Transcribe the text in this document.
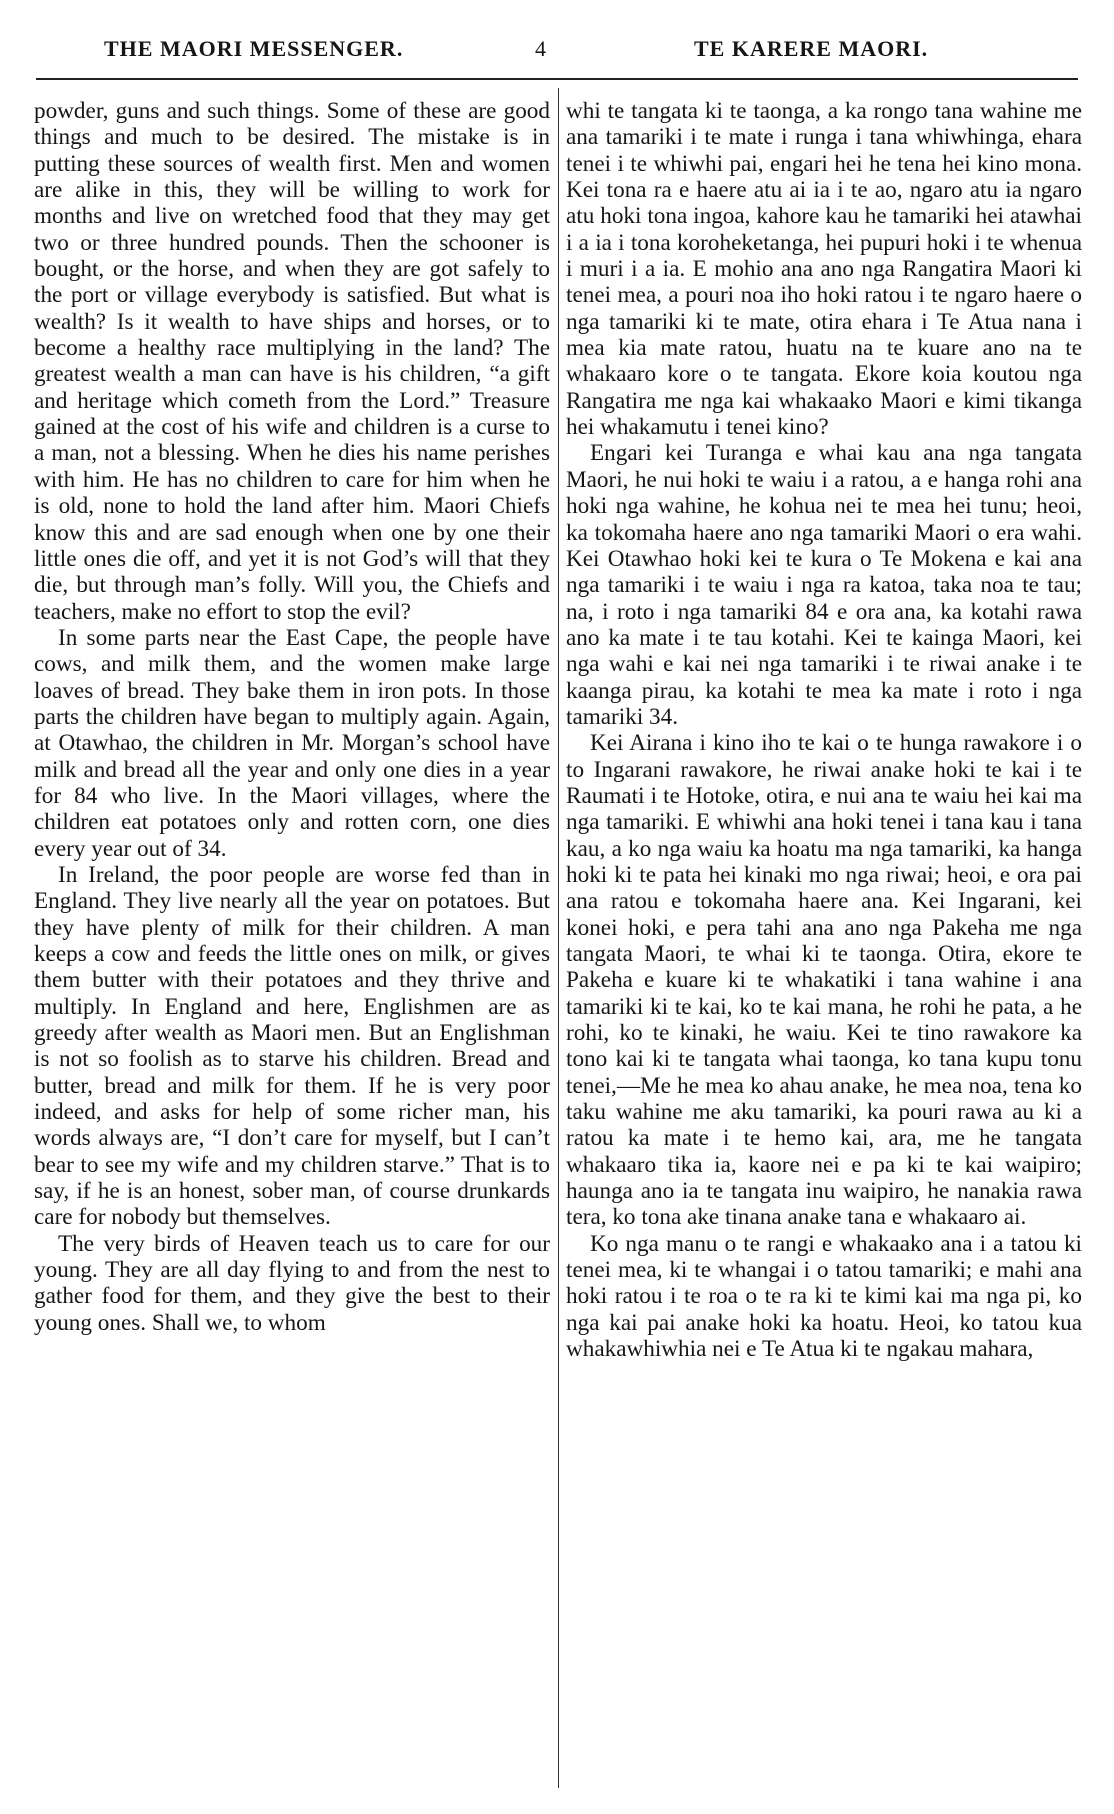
THE MAORI MESSENGER.	4	TE KARERE MAORI.

powder, guns and such things. Some of these are good things and much to be desired. The mistake is in putting these sources of wealth first. Men and women are alike in this, they will be willing to work for months and live on wretched food that they may get two or three hundred pounds. Then the schooner is bought, or the horse, and when they are got safely to the port or village everybody is satisfied. But what is wealth? Is it wealth to have ships and horses, or to become a healthy race multiplying in the land? The greatest wealth a man can have is his children, “a gift and heritage which cometh from the Lord.” Treasure gained at the cost of his wife and children is a curse to a man, not a blessing. When he dies his name perishes with him. He has no children to care for him when he is old, none to hold the land after him. Maori Chiefs know this and are sad enough when one by one their little ones die off, and yet it is not God’s will that they die, but through man’s folly. Will you, the Chiefs and teachers, make no effort to stop the evil?

In some parts near the East Cape, the people have cows, and milk them, and the women make large loaves of bread. They bake them in iron pots. In those parts the children have began to multiply again. Again, at Otawhao, the children in Mr. Morgan’s school have milk and bread all the year and only one dies in a year for 84 who live. In the Maori villages, where the children eat potatoes only and rotten corn, one dies every year out of 34.

In Ireland, the poor people are worse fed than in England. They live nearly all the year on potatoes. But they have plenty of milk for their children. A man keeps a cow and feeds the little ones on milk, or gives them butter with their potatoes and they thrive and multiply. In England and here, Englishmen are as greedy after wealth as Maori men. But an Englishman is not so foolish as to starve his children. Bread and butter, bread and milk for them. If he is very poor indeed, and asks for help of some richer man, his words always are, “I don’t care for myself, but I can’t bear to see my wife and my children starve.” That is to say, if he is an honest, sober man, of course drunkards care for nobody but themselves.

The very birds of Heaven teach us to care for our young. They are all day flying to and from the nest to gather food for them, and they give the best to their young ones. Shall we, to whom

whi te tangata ki te taonga, a ka rongo tana wahine me ana tamariki i te mate i runga i tana whiwhinga, ehara tenei i te whiwhi pai, engari hei he tena hei kino mona. Kei tona ra e haere atu ai ia i te ao, ngaro atu ia ngaro atu hoki tona ingoa, kahore kau he tamariki hei atawhai i a ia i tona koroheketanga, hei pupuri hoki i te whenua i muri i a ia. E mohio ana ano nga Rangatira Maori ki tenei mea, a pouri noa iho hoki ratou i te ngaro haere o nga tamariki ki te mate, otira ehara i Te Atua nana i mea kia mate ratou, huatu na te kuare ano na te whakaaro kore o te tangata. Ekore koia koutou nga Rangatira me nga kai whakaako Maori e kimi tikanga hei whakamutu i tenei kino?

Engari kei Turanga e whai kau ana nga tangata Maori, he nui hoki te waiu i a ratou, a e hanga rohi ana hoki nga wahine, he kohua nei te mea hei tunu; heoi, ka tokomaha haere ano nga tamariki Maori o era wahi. Kei Otawhao hoki kei te kura o Te Mokena e kai ana nga tamariki i te waiu i nga ra katoa, taka noa te tau; na, i roto i nga tamariki 84 e ora ana, ka kotahi rawa ano ka mate i te tau kotahi. Kei te kainga Maori, kei nga wahi e kai nei nga tamariki i te riwai anake i te kaanga pirau, ka kotahi te mea ka mate i roto i nga tamariki 34.

Kei Airana i kino iho te kai o te hunga rawakore i o to Ingarani rawakore, he riwai anake hoki te kai i te Raumati i te Hotoke, otira, e nui ana te waiu hei kai ma nga tamariki. E whiwhi ana hoki tenei i tana kau i tana kau, a ko nga waiu ka hoatu ma nga tamariki, ka hanga hoki ki te pata hei kinaki mo nga riwai; heoi, e ora pai ana ratou e tokomaha haere ana. Kei Ingarani, kei konei hoki, e pera tahi ana ano nga Pakeha me nga tangata Maori, te whai ki te taonga. Otira, ekore te Pakeha e kuare ki te whakatiki i tana wahine i ana tamariki ki te kai, ko te kai mana, he rohi he pata, a he rohi, ko te kinaki, he waiu. Kei te tino rawakore ka tono kai ki te tangata whai taonga, ko tana kupu tonu tenei,—Me he mea ko ahau anake, he mea noa, tena ko taku wahine me aku tamariki, ka pouri rawa au ki a ratou ka mate i te hemo kai, ara, me he tangata whakaaro tika ia, kaore nei e pa ki te kai waipiro; haunga ano ia te tangata inu waipiro, he nanakia rawa tera, ko tona ake tinana anake tana e whakaaro ai.

Ko nga manu o te rangi e whakaako ana i a tatou ki tenei mea, ki te whangai i o tatou tamariki; e mahi ana hoki ratou i te roa o te ra ki te kimi kai ma nga pi, ko nga kai pai anake hoki ka hoatu. Heoi, ko tatou kua whakawhiwhia nei e Te Atua ki te ngakau mahara,
